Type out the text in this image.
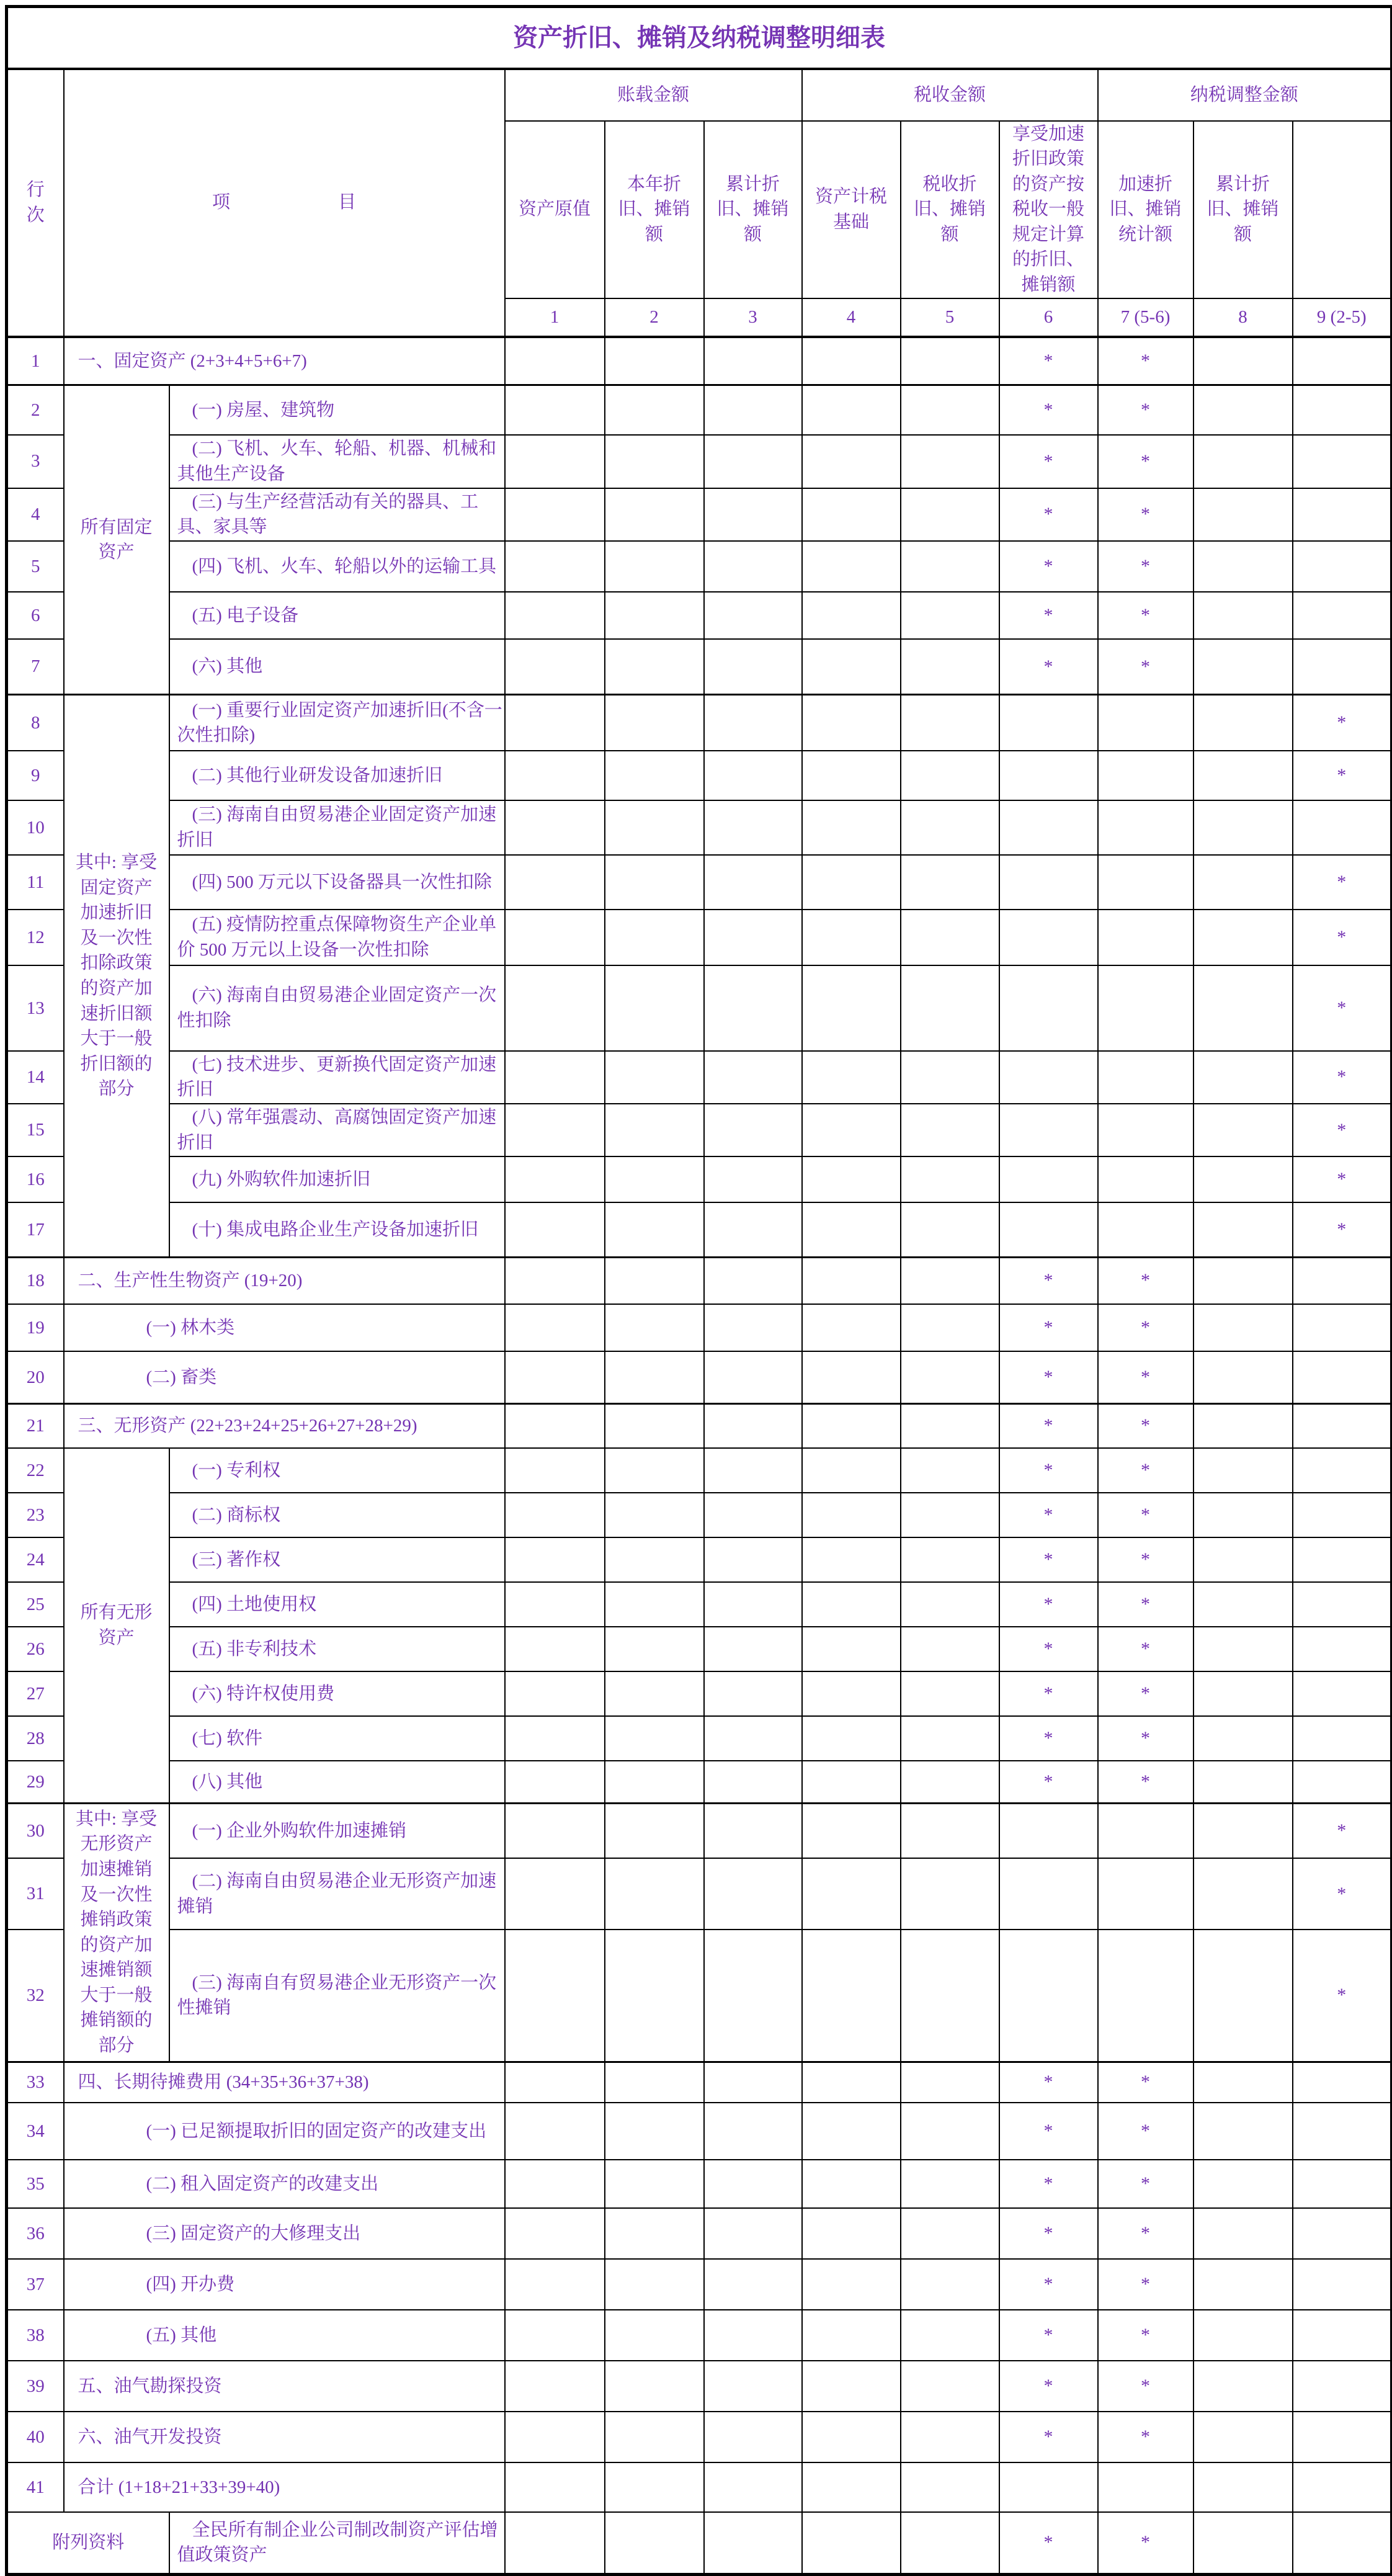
资产折旧、摊销及纳税调整明细表											
行次	项　　　　　　目		账载金额			税收金额			纳税调整金额		
			资产原值	本年折旧、摊销额	累计折旧、摊销额	资产计税基础	税收折旧、摊销额	享受加速折旧政策的资产按税收一般规定计算的折旧、摊销额	加速折旧、摊销统计额	累计折旧、摊销额	
			1	2	3	4	5	6	7 (5-6)	8	9 (2-5)
1	一、固定资产 (2+3+4+5+6+7)							*	*		
2	所有固定资产	(一) 房屋、建筑物						*	*		
3		(二) 飞机、火车、轮船、机器、机械和其他生产设备						*	*		
4		(三) 与生产经营活动有关的器具、工具、家具等						*	*		
5		(四) 飞机、火车、轮船以外的运输工具						*	*		
6		(五) 电子设备						*	*		
7		(六) 其他						*	*		
8	其中: 享受固定资产加速折旧及一次性扣除政策的资产加速折旧额大于一般折旧额的部分	(一) 重要行业固定资产加速折旧(不含一次性扣除)									*
9		(二) 其他行业研发设备加速折旧									*
10		(三) 海南自由贸易港企业固定资产加速折旧									
11		(四) 500 万元以下设备器具一次性扣除									*
12		(五) 疫情防控重点保障物资生产企业单价 500 万元以上设备一次性扣除									*
13		(六) 海南自由贸易港企业固定资产一次性扣除									*
14		(七) 技术进步、更新换代固定资产加速折旧									*
15		(八) 常年强震动、高腐蚀固定资产加速折旧									*
16		(九) 外购软件加速折旧									*
17		(十) 集成电路企业生产设备加速折旧									*
18	二、生产性生物资产 (19+20)							*	*		
19	(一) 林木类							*	*		
20	(二) 畜类							*	*		
21	三、无形资产 (22+23+24+25+26+27+28+29)							*	*		
22	所有无形资产	(一) 专利权						*	*		
23		(二) 商标权						*	*		
24		(三) 著作权						*	*		
25		(四) 土地使用权						*	*		
26		(五) 非专利技术						*	*		
27		(六) 特许权使用费						*	*		
28		(七) 软件						*	*		
29		(八) 其他						*	*		
30	其中: 享受无形资产加速摊销及一次性摊销政策的资产加速摊销额大于一般摊销额的部分	(一) 企业外购软件加速摊销									*
31		(二) 海南自由贸易港企业无形资产加速摊销									*
32		(三) 海南自有贸易港企业无形资产一次性摊销									*
33	四、长期待摊费用 (34+35+36+37+38)							*	*		
34	(一) 已足额提取折旧的固定资产的改建支出							*	*		
35	(二) 租入固定资产的改建支出							*	*		
36	(三) 固定资产的大修理支出							*	*		
37	(四) 开办费							*	*		
38	(五) 其他							*	*		
39	五、油气勘探投资							*	*		
40	六、油气开发投资							*	*		
41	合计 (1+18+21+33+39+40)										
附列资料		全民所有制企业公司制改制资产评估增值政策资产						*	*		
